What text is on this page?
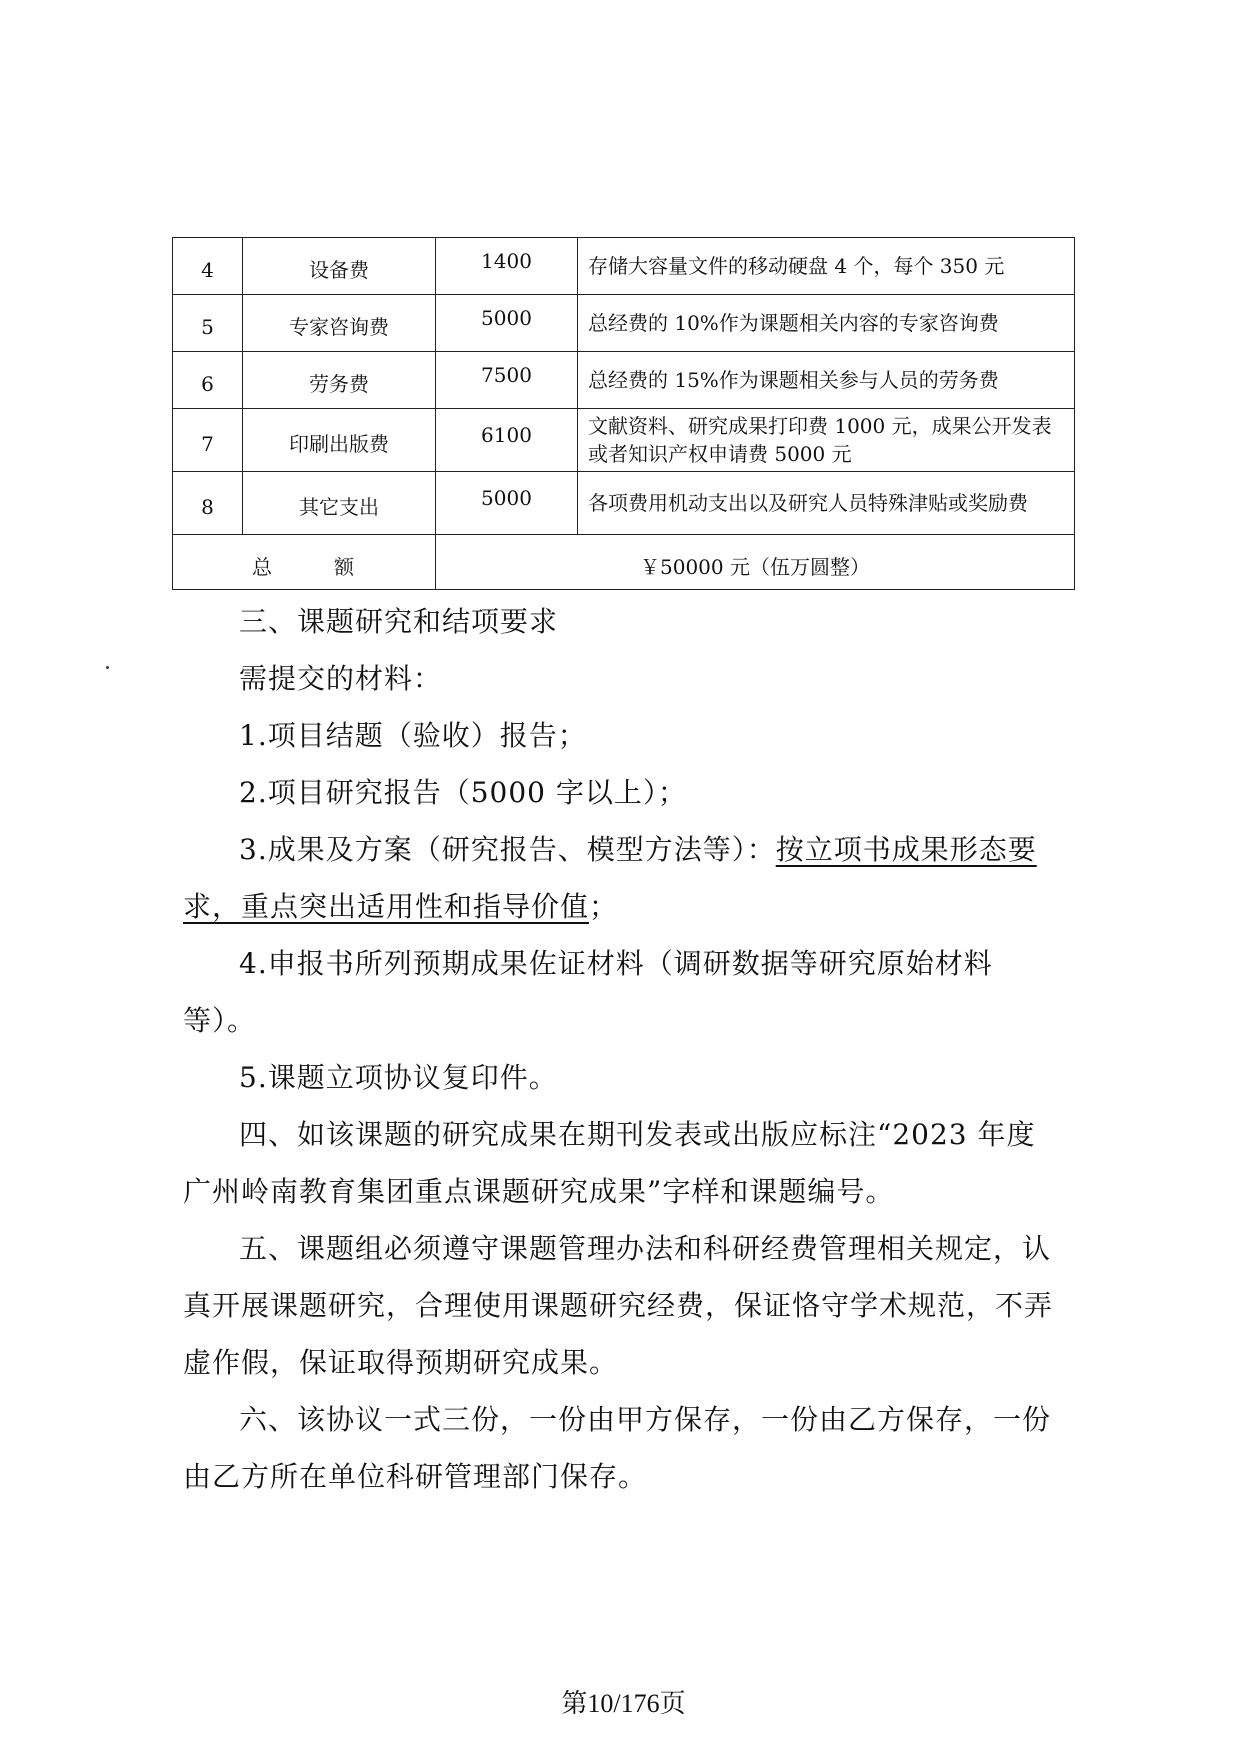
4	设备费	1400	存储大容量文件的移动硬盘 4 个，每个 350 元
5	专家咨询费	5000	总经费的 10%作为课题相关内容的专家咨询费
6	劳务费	7500	总经费的 15%作为课题相关参与人员的劳务费
7	印刷出版费	6100	文献资料、研究成果打印费 1000 元，成果公开发表或者知识产权申请费 5000 元
8	其它支出	5000	各项费用机动支出以及研究人员特殊津贴或奖励费
总 额		￥50000 元（伍万圆整）	

三、课题研究和结项要求

需提交的材料：

1.项目结题（验收）报告；

2.项目研究报告（5000 字以上）；

3.成果及方案（研究报告、模型方法等）：按立项书成果形态要求，重点突出适用性和指导价值；

4.申报书所列预期成果佐证材料（调研数据等研究原始材料等）。

5.课题立项协议复印件。

四、如该课题的研究成果在期刊发表或出版应标注“2023 年度广州岭南教育集团重点课题研究成果”字样和课题编号。

五、课题组必须遵守课题管理办法和科研经费管理相关规定，认真开展课题研究，合理使用课题研究经费，保证恪守学术规范，不弄虚作假，保证取得预期研究成果。

六、该协议一式三份，一份由甲方保存，一份由乙方保存，一份由乙方所在单位科研管理部门保存。

第10/176页
